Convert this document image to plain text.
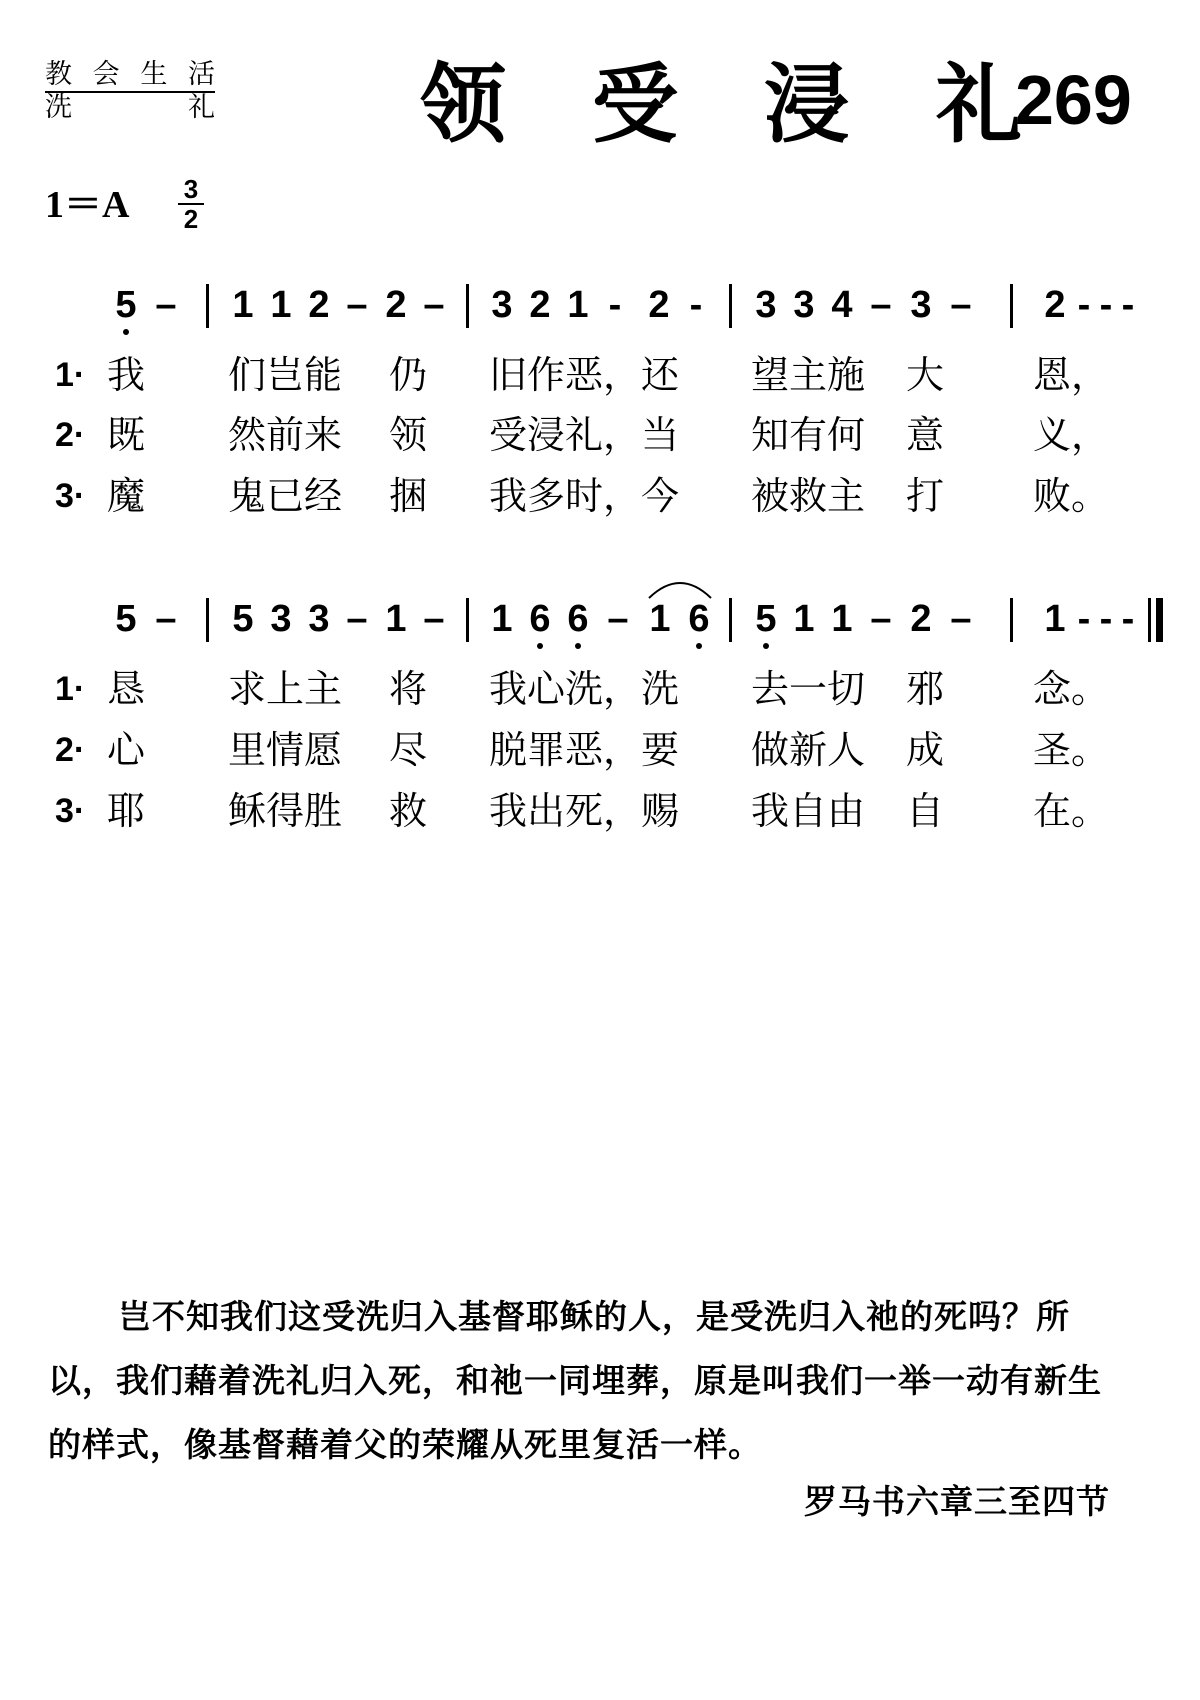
教 会 生 活
洗	礼 领 受 浸 礼
269
1＝A 3
2
5 – 1 1 2 – 2 – 3 2 1 - 2 - 3 3 4 – 3 – 2 - - -
1· 我 们岂能 仍 旧作恶，还 望主施 大 恩，
2· 既 然前来 领 受浸礼，当 知有何 意 义，
3· 魔 鬼已经 捆 我多时，今 被救主 打 败。
5 – 5 3 3 – 1 – 1 6 6 – 1 6 5 1 1 – 2 – 1 - - -
1· 恳 求上主 将 我心洗，洗 去一切 邪 念。
2· 心 里情愿 尽 脱罪恶，要 做新人 成 圣。
3· 耶 稣得胜 救 我出死，赐 我自由 自 在。
岂不知我们这受洗归入基督耶稣的人，是受洗归入祂的死吗？所以，我们藉着洗礼归入死，和祂一同埋葬，原是叫我们一举一动有新生的样式，像基督藉着父的荣耀从死里复活一样。
罗马书六章三至四节
